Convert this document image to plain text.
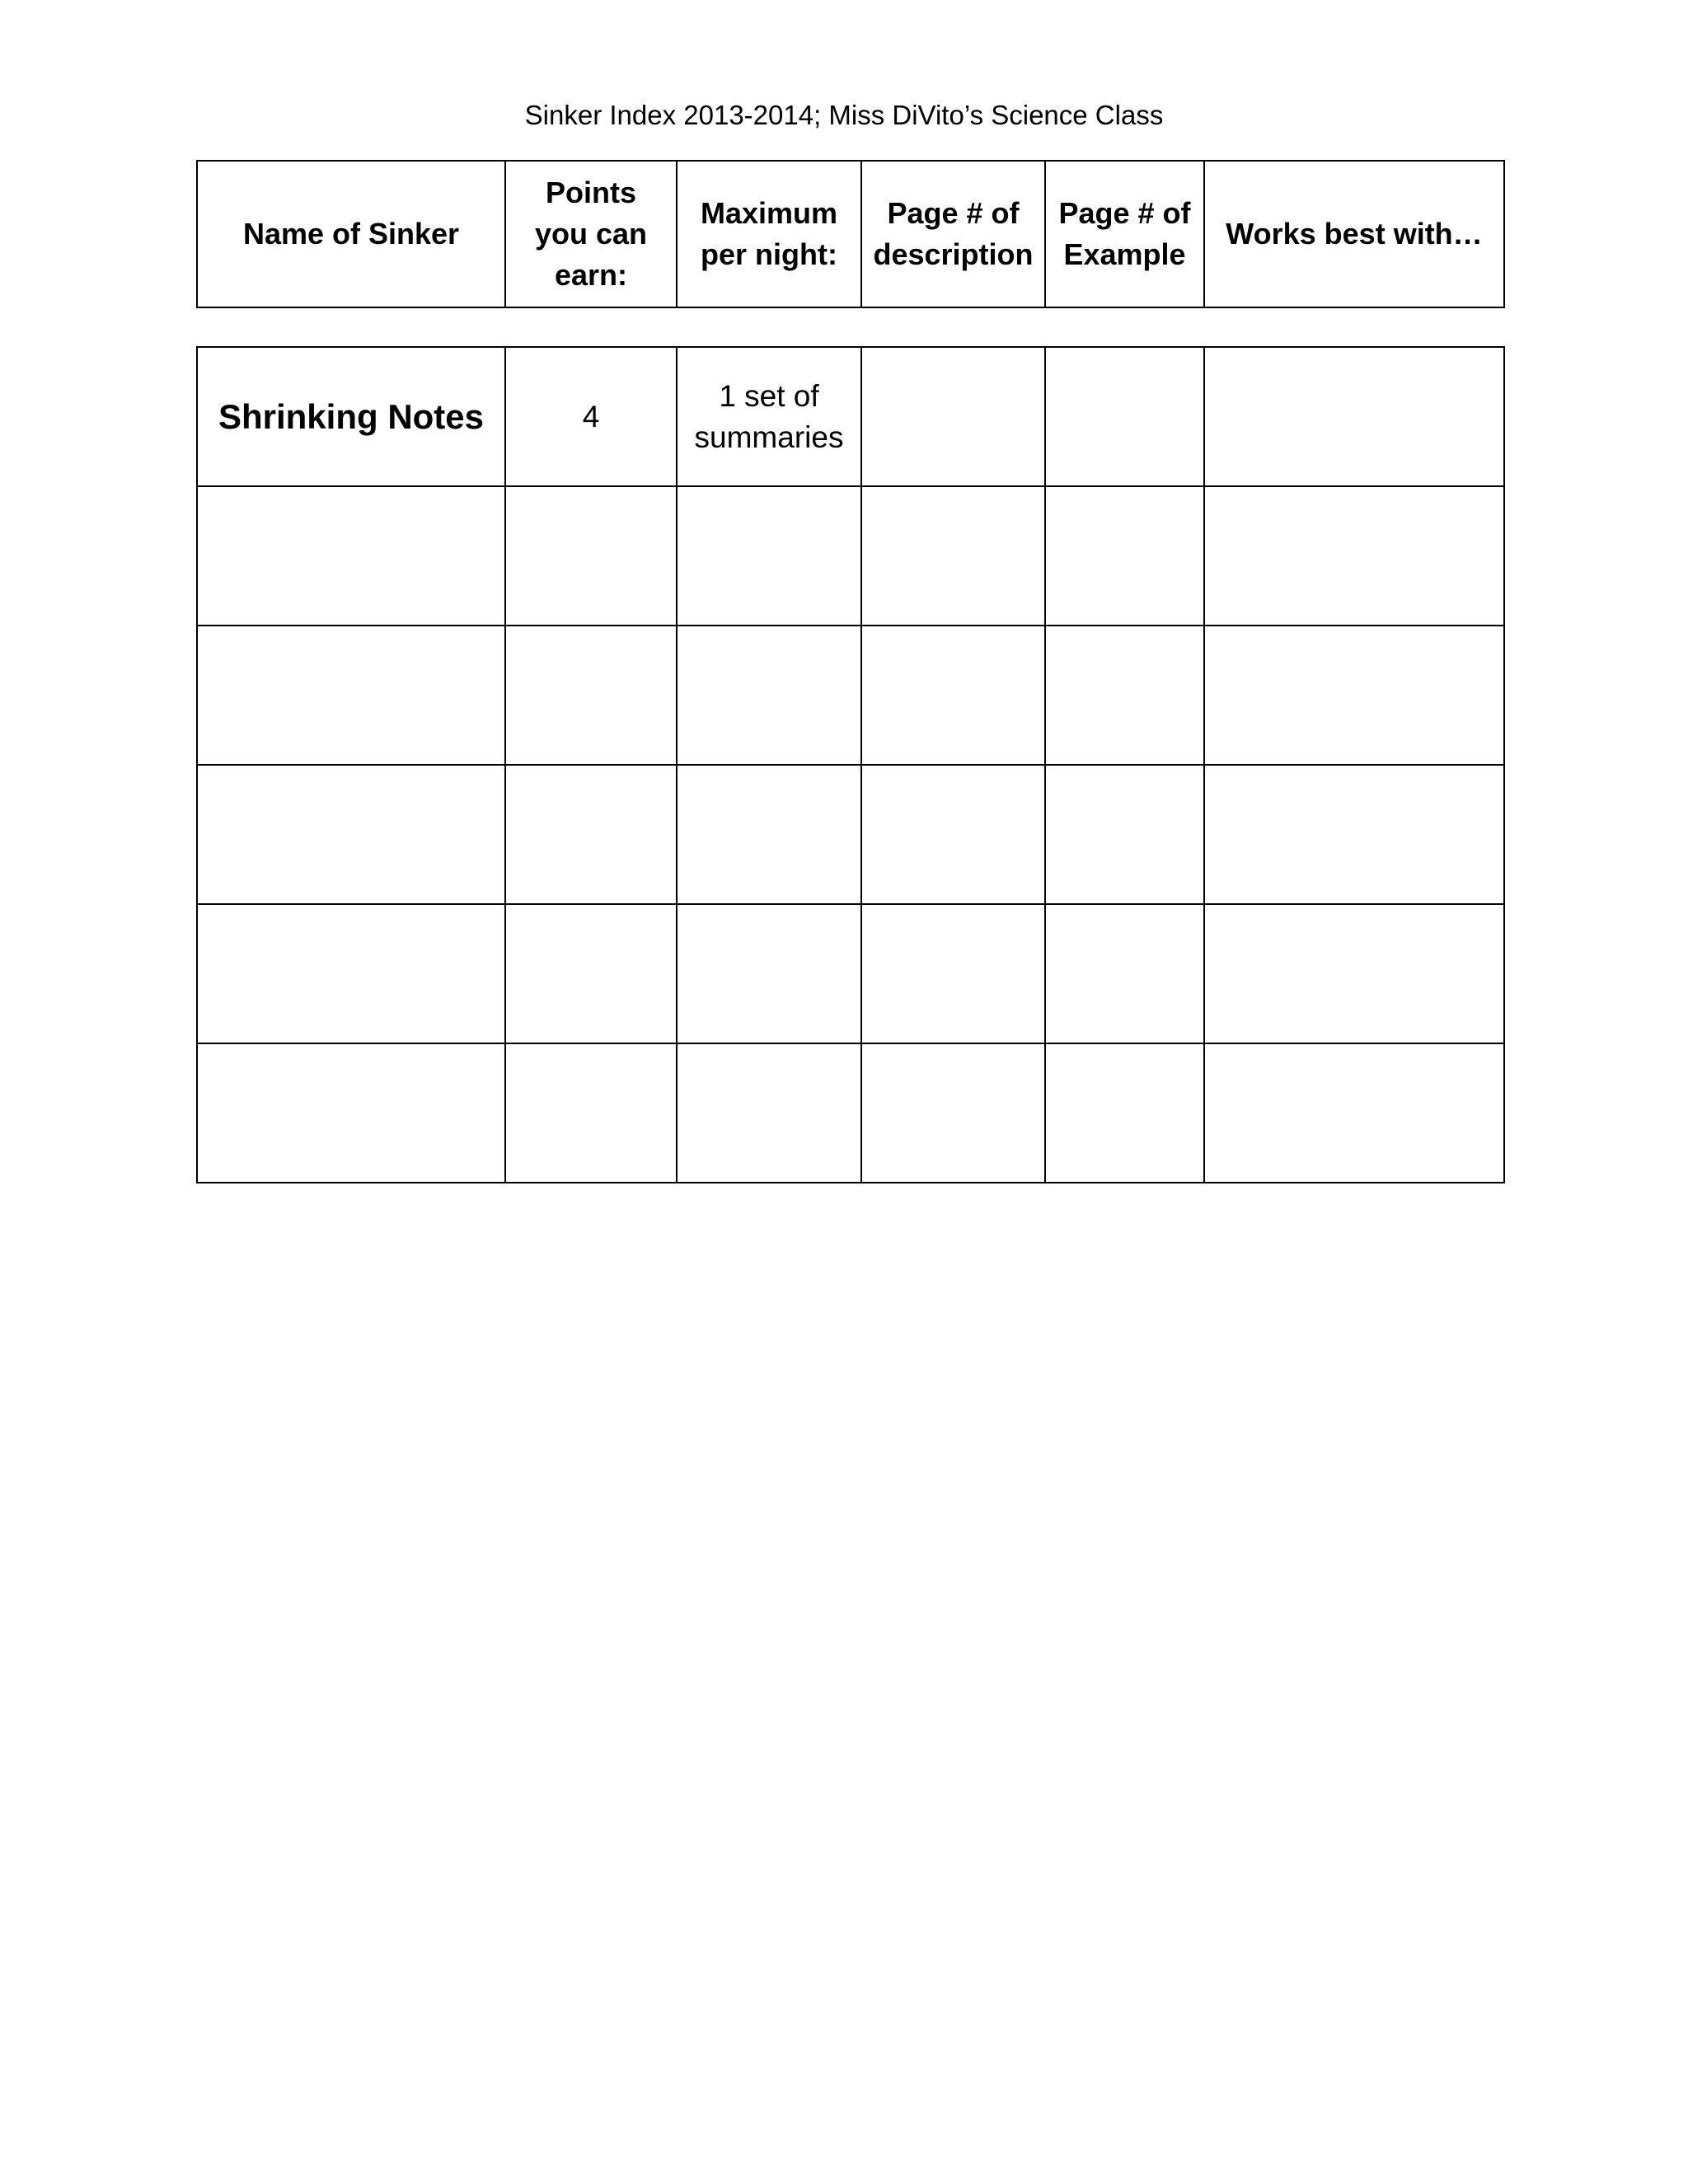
Sinker Index 2013-2014; Miss DiVito’s Science Class
Name of Sinker	Points you can earn:	Maximum per night:	Page # of description	Page # of Example	Works best with…
Shrinking Notes	4	1 set of summaries			
